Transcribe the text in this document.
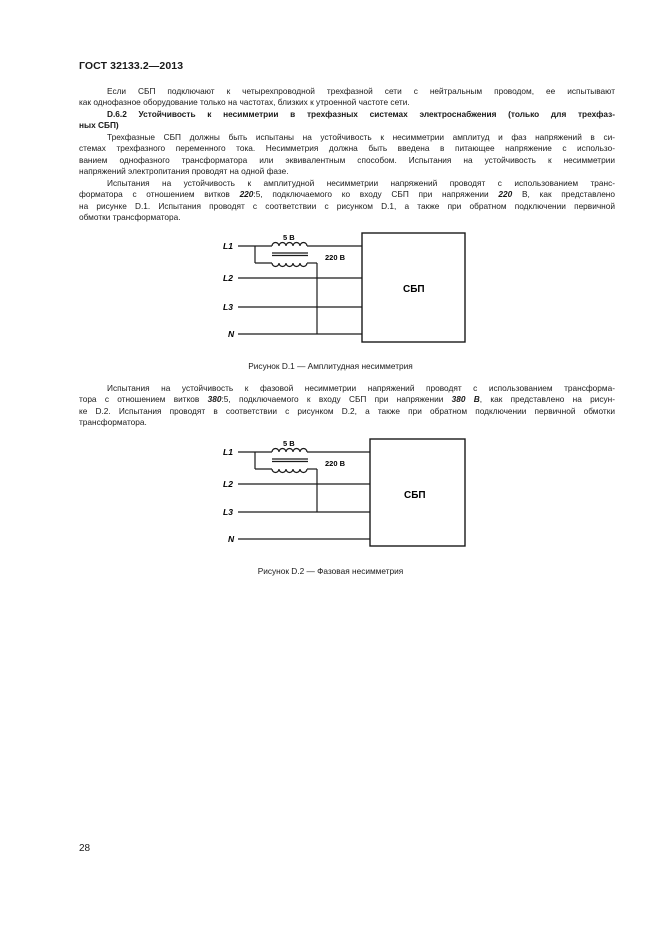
ГОСТ 32133.2—2013
Если СБП подключают к четырехпроводной трехфазной сети с нейтральным проводом, ее испытывают
как однофазное оборудование только на частотах, близких к утроенной частоте сети.
D.6.2 Устойчивость к несимметрии в трехфазных системах электроснабжения (только для трехфаз-
ных СБП)
Трехфазные СБП должны быть испытаны на устойчивость к несимметрии амплитуд и фаз напряжений в си-
стемах трехфазного переменного тока. Несимметрия должна быть введена в питающее напряжение с использо-
ванием однофазного трансформатора или эквивалентным способом. Испытания на устойчивость к несимметрии
напряжений электропитания проводят на одной фазе.
Испытания на устойчивость к амплитудной несимметрии напряжений проводят с использованием транс-
форматора с отношением витков 220:5, подключаемого ко входу СБП при напряжении 220 В, как представлено
на рисунке D.1. Испытания проводят с соответствии с рисунком D.1, а также при обратном подключении первичной
обмотки трансформатора.
Испытания на устойчивость к фазовой несимметрии напряжений проводят с использованием трансформа-
тора с отношением витков 380:5, подключаемого к входу СБП при напряжении 380 В, как представлено на рисун-
ке D.2. Испытания проводят в соответствии с рисунком D.2, а также при обратном подключении первичной обмотки
трансформатора.
L1
L2
L3
N
5 В
220 В
СБП
Рисунок D.1 — Амплитудная несимметрия
L1
L2
L3
N
5 В
220 В
СБП
Рисунок D.2 — Фазовая несимметрия
28
